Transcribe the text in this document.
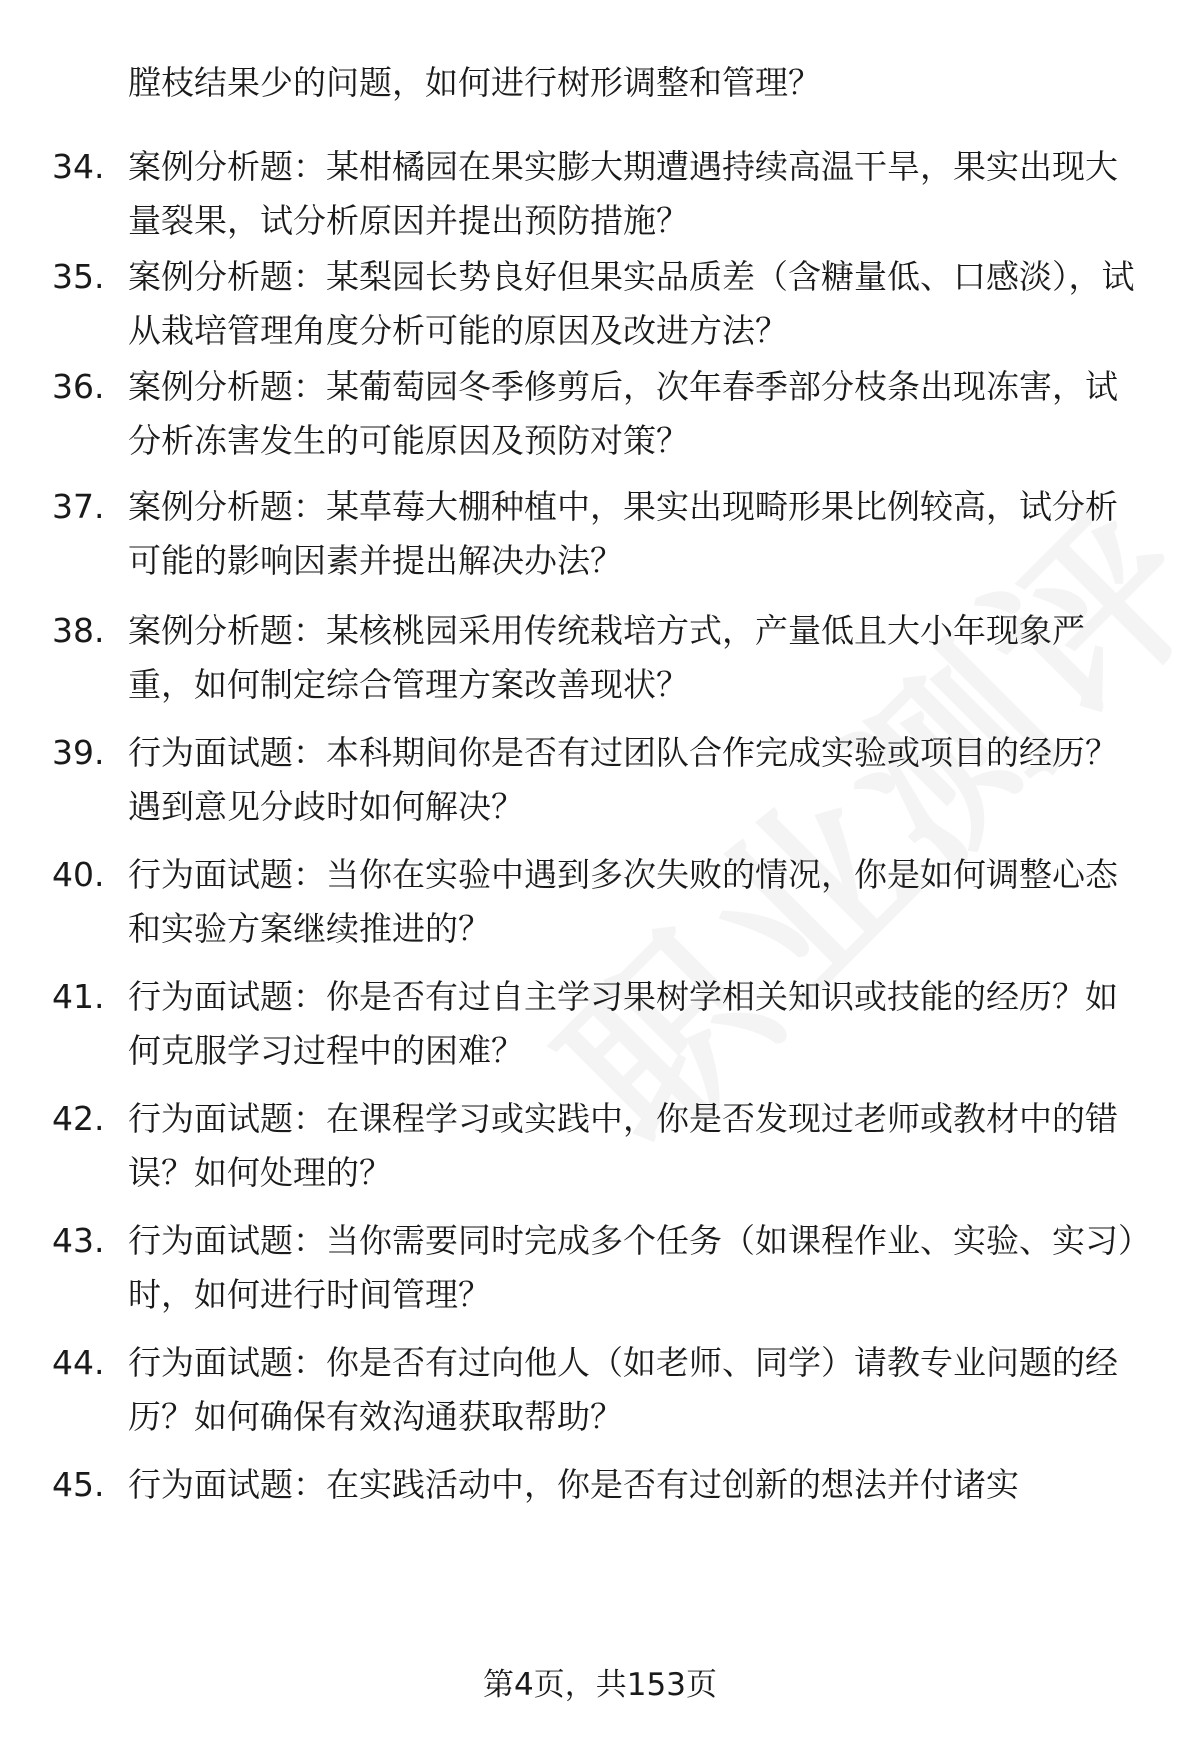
膛枝结果少的问题，如何进行树形调整和管理？
34. 案例分析题：某柑橘园在果实膨大期遭遇持续高温干旱，果实出现大量裂果，试分析原因并提出预防措施？
35. 案例分析题：某梨园长势良好但果实品质差（含糖量低、口感淡），试从栽培管理角度分析可能的原因及改进方法？
36. 案例分析题：某葡萄园冬季修剪后，次年春季部分枝条出现冻害，试分析冻害发生的可能原因及预防对策？
37. 案例分析题：某草莓大棚种植中，果实出现畸形果比例较高，试分析可能的影响因素并提出解决办法？
38. 案例分析题：某核桃园采用传统栽培方式，产量低且大小年现象严重，如何制定综合管理方案改善现状？
39. 行为面试题：本科期间你是否有过团队合作完成实验或项目的经历？遇到意见分歧时如何解决？
40. 行为面试题：当你在实验中遇到多次失败的情况，你是如何调整心态和实验方案继续推进的？
41. 行为面试题：你是否有过自主学习果树学相关知识或技能的经历？如何克服学习过程中的困难？
42. 行为面试题：在课程学习或实践中，你是否发现过老师或教材中的错误？如何处理的？
43. 行为面试题：当你需要同时完成多个任务（如课程作业、实验、实习）时，如何进行时间管理？
44. 行为面试题：你是否有过向他人（如老师、同学）请教专业问题的经历？如何确保有效沟通获取帮助？
45. 行为面试题：在实践活动中，你是否有过创新的想法并付诸实
第4页，共153页
